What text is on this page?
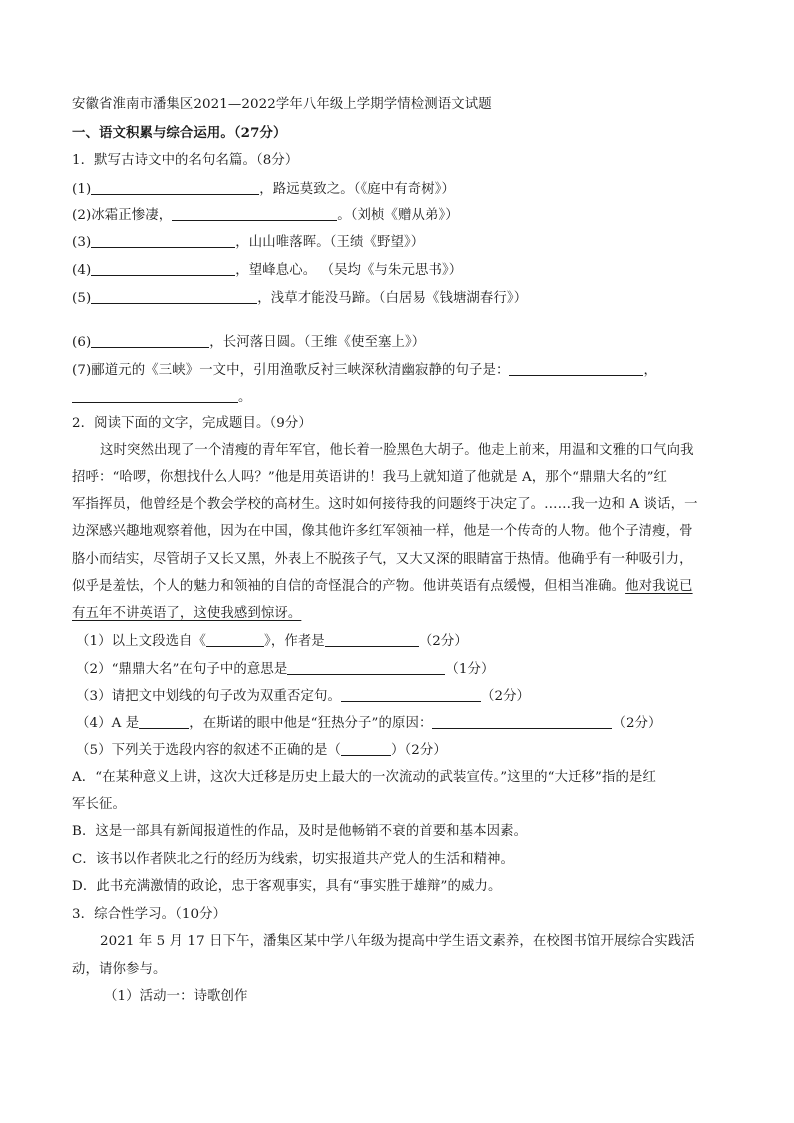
安徽省淮南市潘集区2021—2022学年八年级上学期学情检测语文试题
一、语文积累与综合运用。（27分）
1．默写古诗文中的名句名篇。（8分）
(1)	，路远莫致之。（《庭中有奇树》）
(2)冰霜正惨凄，	。（刘桢《赠从弟》）
(3)	，山山唯落晖。（王绩《野望》）
(4)	，望峰息心。 （吴均《与朱元思书》）
(5)	，浅草才能没马蹄。（白居易《钱塘湖春行》）
(6)	，长河落日圆。（王维《使至塞上》）
(7)郦道元的《三峡》一文中，引用渔歌反衬三峡深秋清幽寂静的句子是：	，
。
2．阅读下面的文字，完成题目。（9分）
这时突然出现了一个清瘦的青年军官，他长着一脸黑色大胡子。他走上前来，用温和文雅的口气向我
招呼：“哈啰，你想找什么人吗？”他是用英语讲的！我马上就知道了他就是 A，那个“鼎鼎大名的”红
军指挥员，他曾经是个教会学校的高材生。这时如何接待我的问题终于决定了。……我一边和 A 谈话，一
边深感兴趣地观察着他，因为在中国，像其他许多红军领袖一样，他是一个传奇的人物。他个子清瘦，骨
胳小而结实，尽管胡子又长又黑，外表上不脱孩子气，又大又深的眼睛富于热情。他确乎有一种吸引力，
似乎是羞怯，个人的魅力和领袖的自信的奇怪混合的产物。他讲英语有点缓慢，但相当准确。他对我说已
有五年不讲英语了，这使我感到惊讶。
（1）以上文段选自《	》，作者是	（2分）
（2）“鼎鼎大名”在句子中的意思是	（1分）
（3）请把文中划线的句子改为双重否定句。	（2分）
（4）A 是	，在斯诺的眼中他是“狂热分子”的原因：	（2分）
（5）下列关于选段内容的叙述不正确的是（	）（2分）
A．“在某种意义上讲，这次大迁移是历史上最大的一次流动的武装宣传。”这里的“大迁移”指的是红
军长征。
B．这是一部具有新闻报道性的作品，及时是他畅销不衰的首要和基本因素。
C．该书以作者陕北之行的经历为线索，切实报道共产党人的生活和精神。
D．此书充满激情的政论，忠于客观事实，具有“事实胜于雄辩”的威力。
3．综合性学习。（10分）
2021 年 5 月 17 日下午，潘集区某中学八年级为提高中学生语文素养，在校图书馆开展综合实践活
动，请你参与。
（1）活动一：诗歌创作
